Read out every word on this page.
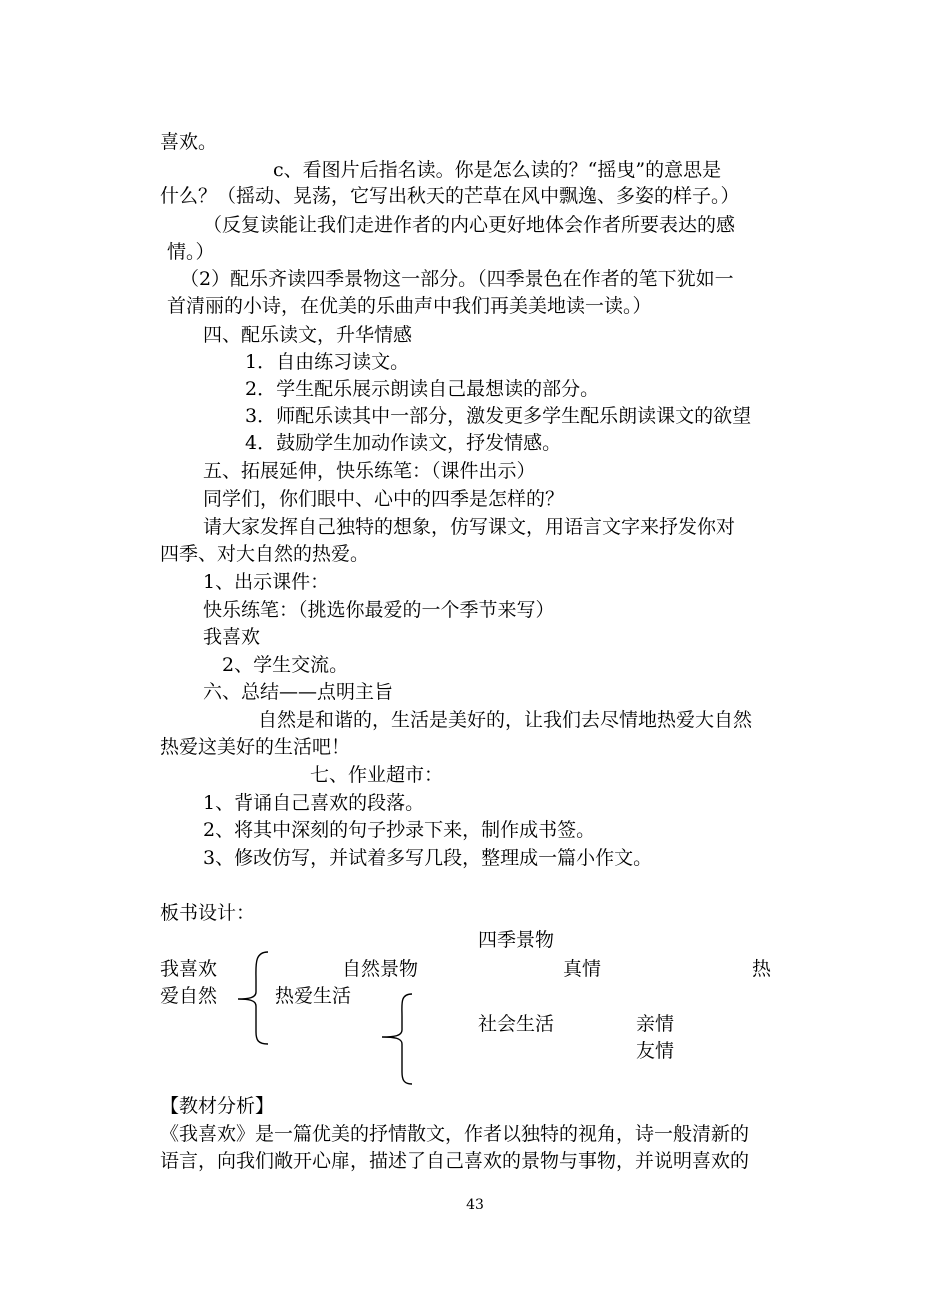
喜欢。
c、看图片后指名读。你是怎么读的？“摇曳”的意思是
什么？（摇动、晃荡，它写出秋天的芒草在风中飘逸、多姿的样子。）
（反复读能让我们走进作者的内心更好地体会作者所要表达的感
情。）
（2）配乐齐读四季景物这一部分。（四季景色在作者的笔下犹如一
首清丽的小诗，在优美的乐曲声中我们再美美地读一读。）
四、配乐读文，升华情感
1．自由练习读文。
2．学生配乐展示朗读自己最想读的部分。
3．师配乐读其中一部分，激发更多学生配乐朗读课文的欲望
4．鼓励学生加动作读文，抒发情感。
五、拓展延伸，快乐练笔：（课件出示）
同学们，你们眼中、心中的四季是怎样的？
请大家发挥自己独特的想象，仿写课文，用语言文字来抒发你对
四季、对大自然的热爱。
1、出示课件：
快乐练笔：（挑选你最爱的一个季节来写）
我喜欢
2、学生交流。
六、总结——点明主旨
自然是和谐的，生活是美好的，让我们去尽情地热爱大自然
热爱这美好的生活吧！
七、作业超市：
1、背诵自己喜欢的段落。
2、将其中深刻的句子抄录下来，制作成书签。
3、修改仿写，并试着多写几段，整理成一篇小作文。
板书设计：
四季景物
我喜欢	自然景物	真情	热
爱自然	热爱生活
社会生活	亲情
友情
【教材分析】
《我喜欢》是一篇优美的抒情散文，作者以独特的视角，诗一般清新的
语言，向我们敞开心扉，描述了自己喜欢的景物与事物，并说明喜欢的
43
